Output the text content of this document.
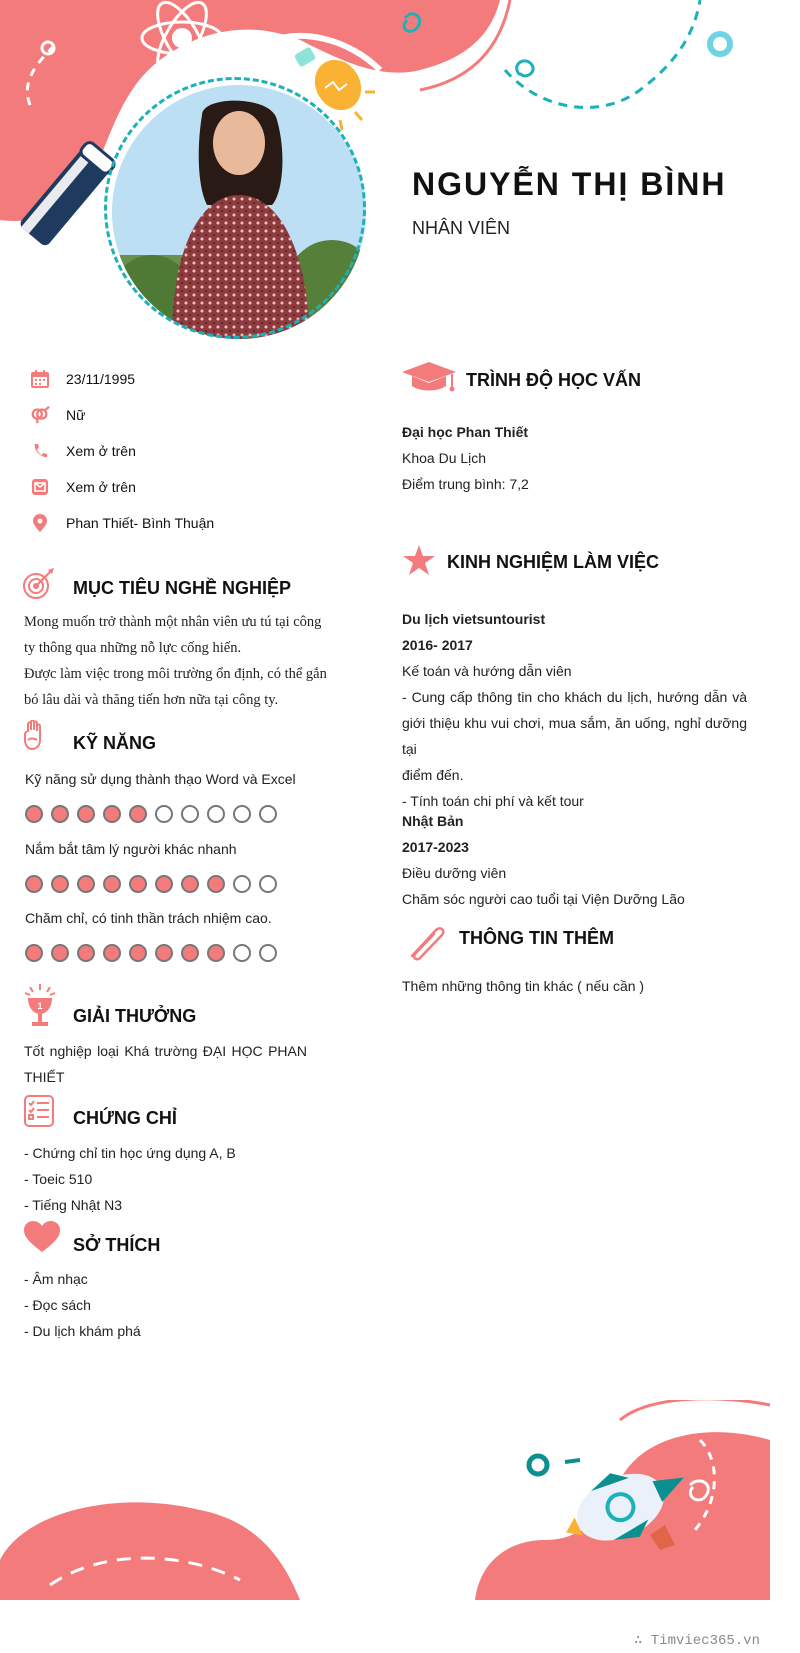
NGUYỄN THỊ BÌNH
NHÂN VIÊN
23/11/1995
Nữ
Xem ở trên
Xem ở trên
Phan Thiết- Bình Thuận
MỤC TIÊU NGHỀ NGHIỆP
Mong muốn trở thành một nhân viên ưu tú tại công
ty thông qua những nỗ lực cống hiến.
Được làm việc trong môi trường ổn định, có thể gắn
bó lâu dài và thăng tiến hơn nữa tại công ty.
KỸ NĂNG
Kỹ năng sử dụng thành thạo Word và Excel
Nắm bắt tâm lý người khác nhanh
Chăm chỉ, có tinh thần trách nhiệm cao.
1 GIẢI THƯỞNG
Tốt nghiệp loại Khá trường ĐẠI HỌC PHAN
THIẾT
CHỨNG CHỈ
- Chứng chỉ tin học ứng dụng A, B
- Toeic 510
- Tiếng Nhật N3
SỞ THÍCH
- Âm nhạc
- Đọc sách
- Du lịch khám phá
TRÌNH ĐỘ HỌC VẤN
Đại học Phan Thiết
Khoa Du Lịch
Điểm trung bình: 7,2
KINH NGHIỆM LÀM VIỆC
Du lịch vietsuntourist
2016- 2017
Kế toán và hướng dẫn viên
- Cung cấp thông tin cho khách du lịch, hướng dẫn và
giới thiệu khu vui chơi, mua sắm, ăn uống, nghỉ dưỡng tại
điểm đến.
- Tính toán chi phí và kết tour
Nhật Bản
2017-2023
Điều dưỡng viên
Chăm sóc người cao tuổi tại Viện Dưỡng Lão
THÔNG TIN THÊM
Thêm những thông tin khác ( nếu cần )
∴ Timviec365.vn
